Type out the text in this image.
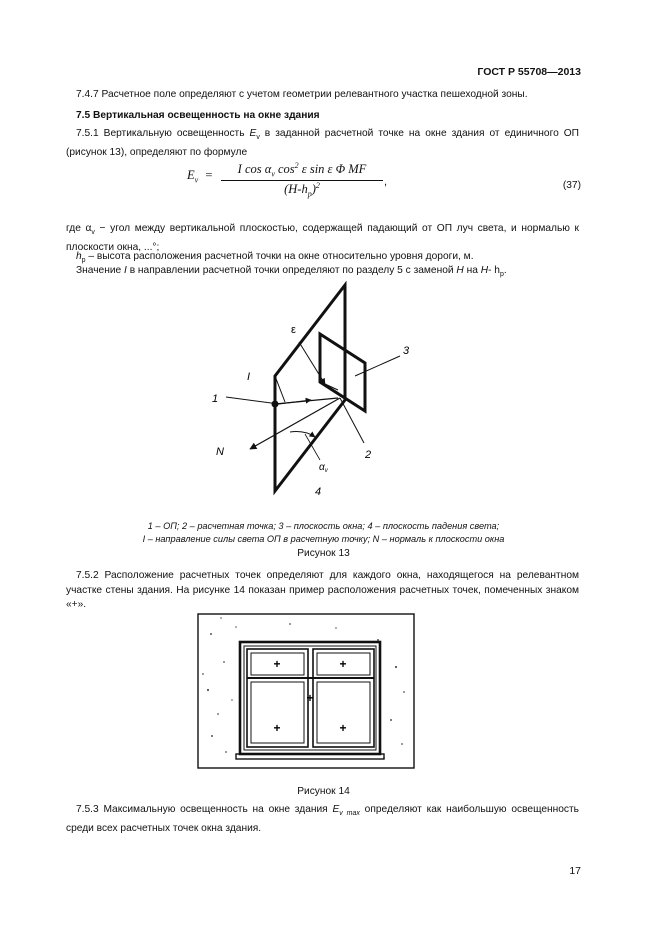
ГОСТ Р 55708—2013
7.4.7 Расчетное поле определяют с учетом геометрии релевантного участка пешеходной зоны.
7.5 Вертикальная освещенность на окне здания
7.5.1 Вертикальную освещенность $E_v$ в заданной расчетной точке на окне здания от единичного ОП (рисунок 13), определяют по формуле
$E_v$ =	I $\cos \alpha_v$ $\cos^2 \varepsilon$ sin ε Φ MF
$(H-h_p)^2$	,	(37)
где $\alpha_v$ − угол между вертикальной плоскостью, содержащей падающий от ОП луч света, и нормалью к плоскости окна, ...°;
$h_p$ – высота расположения расчетной точки на окне относительно уровня дороги, м.
Значение I в направлении расчетной точки определяют по разделу 5 с заменой H на H- $h_p$.
ε
I
1
3
N	2
4
$\alpha_v$
1 – ОП; 2 – расчетная точка; 3 – плоскость окна; 4 – плоскость падения света;
I – направление силы света ОП в расчетную точку; N – нормаль к плоскости окна
Рисунок 13
7.5.2 Расположение расчетных точек определяют для каждого окна, находящегося на релевантном участке стены здания. На рисунке 14 показан пример расположения расчетных точек, помеченных знаком «+».
+	+
+
+	+
Рисунок 14
7.5.3 Максимальную освещенность на окне здания $E_{v max}$ определяют как наибольшую освещенность среди всех расчетных точек окна здания.
17
